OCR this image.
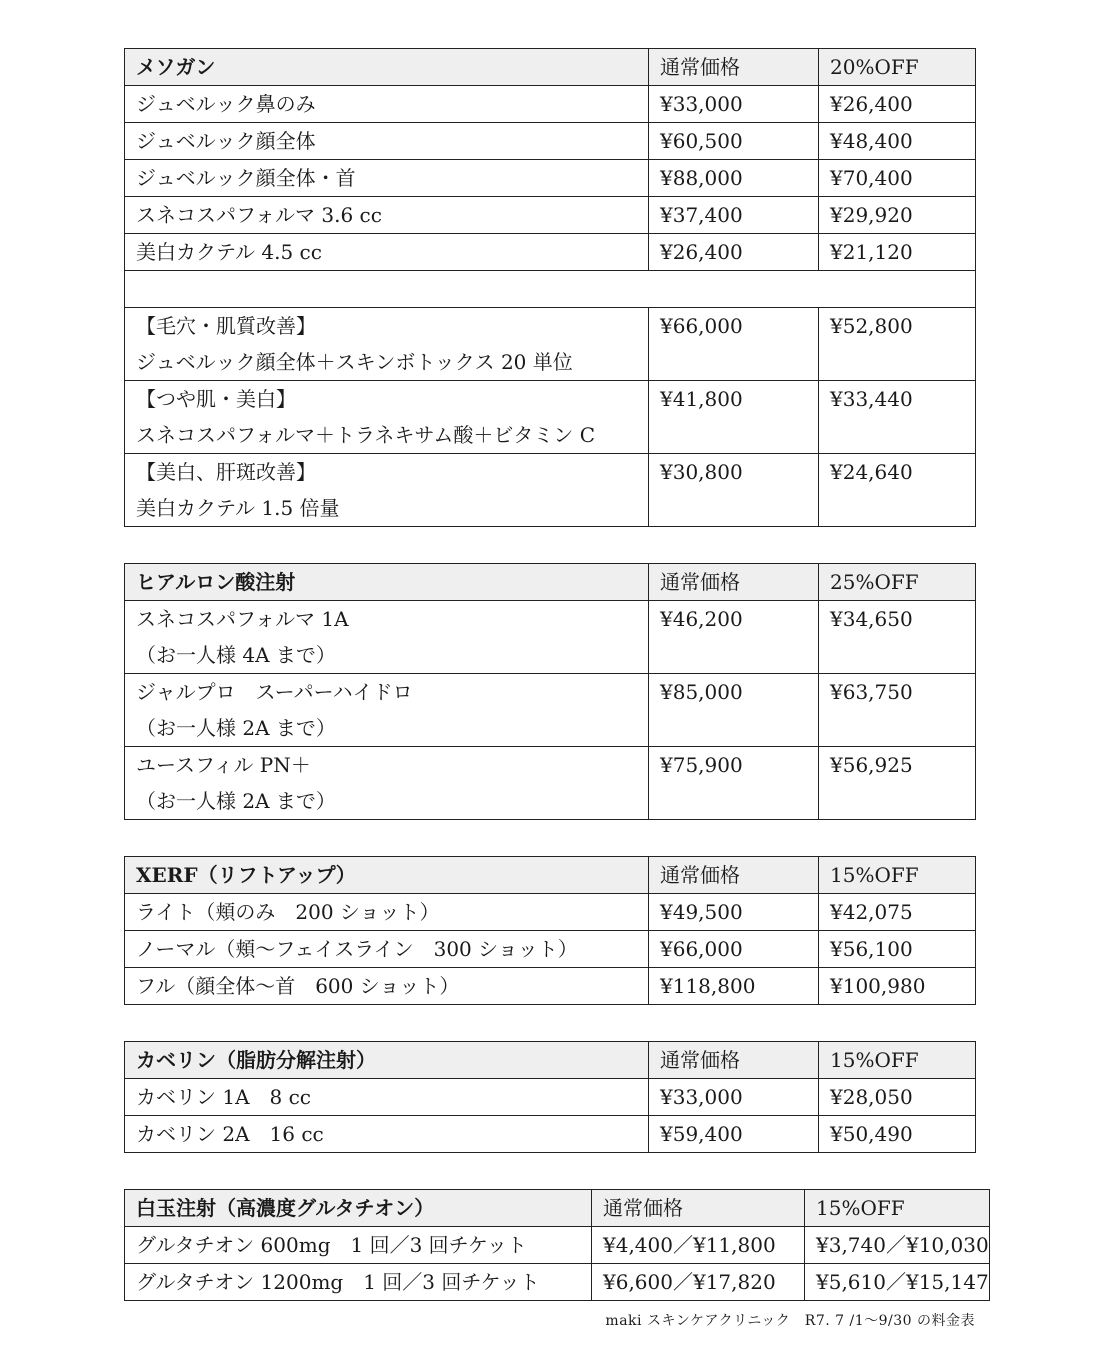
メソガン	通常価格	20%OFF
ジュベルック鼻のみ	¥33,000	¥26,400
ジュベルック顔全体	¥60,500	¥48,400
ジュベルック顔全体・首	¥88,000	¥70,400
スネコスパフォルマ 3.6 cc	¥37,400	¥29,920
美白カクテル 4.5 cc	¥26,400	¥21,120

【毛穴・肌質改善】
ジュベルック顔全体＋スキンボトックス 20 単位	¥66,000	¥52,800

【つや肌・美白】
スネコスパフォルマ＋トラネキサム酸＋ビタミン C	¥41,800	¥33,440

【美白、肝斑改善】
美白カクテル 1.5 倍量	¥30,800	¥24,640
ヒアルロン酸注射	通常価格	25%OFF

スネコスパフォルマ 1A
（お一人様 4A まで）	¥46,200	¥34,650

ジャルプロ　スーパーハイドロ
（お一人様 2A まで）	¥85,000	¥63,750

ユースフィル PN＋
（お一人様 2A まで）	¥75,900	¥56,925
XERF（リフトアップ）	通常価格	15%OFF
ライト（頬のみ　200 ショット）	¥49,500	¥42,075
ノーマル（頬～フェイスライン　300 ショット）	¥66,000	¥56,100
フル（顔全体～首　600 ショット）	¥118,800	¥100,980
カベリン（脂肪分解注射）	通常価格	15%OFF
カベリン 1A　8 cc	¥33,000	¥28,050
カベリン 2A　16 cc	¥59,400	¥50,490
白玉注射（高濃度グルタチオン）	通常価格	15%OFF
グルタチオン 600mg　1 回／3 回チケット	¥4,400／¥11,800	¥3,740／¥10,030
グルタチオン 1200mg　1 回／3 回チケット	¥6,600／¥17,820	¥5,610／¥15,147
maki スキンケアクリニック　R7. 7 /1～9/30 の料金表
